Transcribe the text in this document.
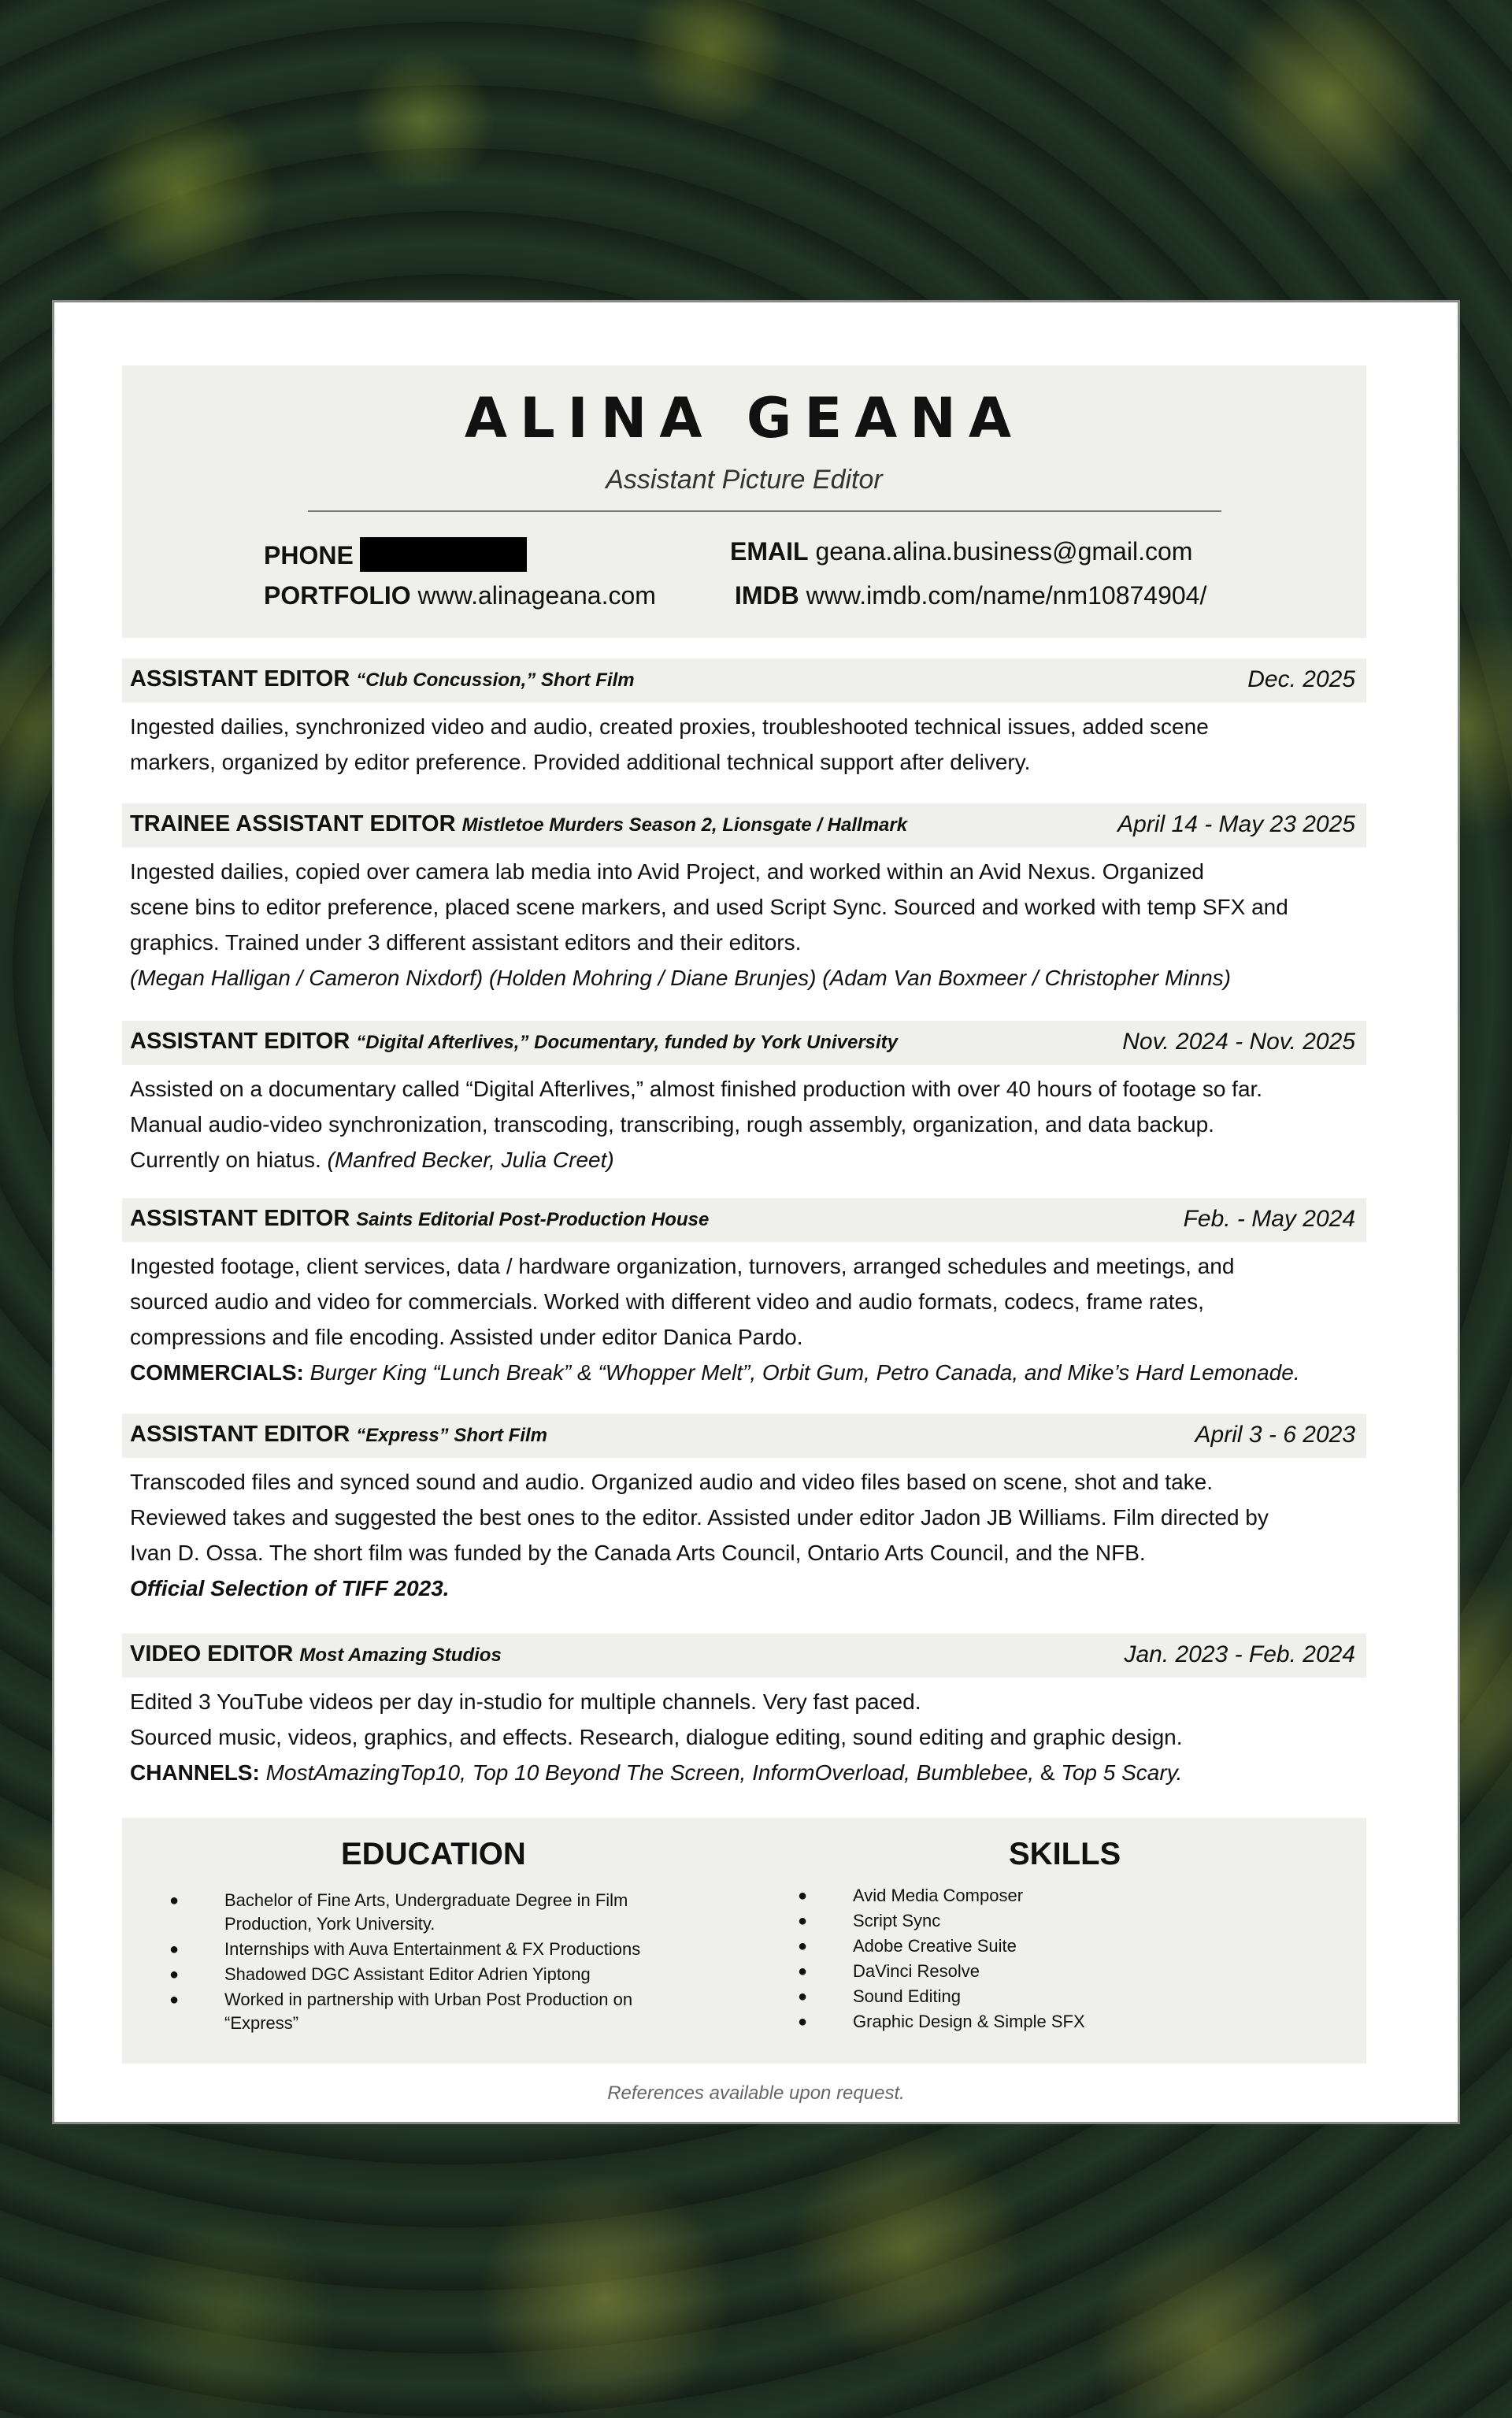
ALINA GEANA
Assistant Picture Editor
PHONE	EMAIL geana.alina.business@gmail.com
PORTFOLIO www.alinageana.com	IMDB www.imdb.com/name/nm10874904/
ASSISTANT EDITOR “Club Concussion,” Short Film	Dec. 2025

Ingested dailies, synchronized video and audio, created proxies, troubleshooted technical issues, added scene

markers, organized by editor preference. Provided additional technical support after delivery.

TRAINEE ASSISTANT EDITOR Mistletoe Murders Season 2, Lionsgate / Hallmark	April 14 - May 23 2025

Ingested dailies, copied over camera lab media into Avid Project, and worked within an Avid Nexus. Organized

scene bins to editor preference, placed scene markers, and used Script Sync. Sourced and worked with temp SFX and

graphics. Trained under 3 different assistant editors and their editors.

(Megan Halligan / Cameron Nixdorf) (Holden Mohring / Diane Brunjes) (Adam Van Boxmeer / Christopher Minns)

ASSISTANT EDITOR “Digital Afterlives,” Documentary, funded by York University	Nov. 2024 - Nov. 2025

Assisted on a documentary called “Digital Afterlives,” almost finished production with over 40 hours of footage so far.

Manual audio-video synchronization, transcoding, transcribing, rough assembly, organization, and data backup.

Currently on hiatus. (Manfred Becker, Julia Creet)

ASSISTANT EDITOR Saints Editorial Post-Production House	Feb. - May 2024

Ingested footage, client services, data / hardware organization, turnovers, arranged schedules and meetings, and

sourced audio and video for commercials. Worked with different video and audio formats, codecs, frame rates,

compressions and file encoding. Assisted under editor Danica Pardo.

COMMERCIALS: Burger King “Lunch Break” & “Whopper Melt”, Orbit Gum, Petro Canada, and Mike’s Hard Lemonade.

ASSISTANT EDITOR “Express” Short Film	April 3 - 6 2023

Transcoded files and synced sound and audio. Organized audio and video files based on scene, shot and take.

Reviewed takes and suggested the best ones to the editor. Assisted under editor Jadon JB Williams. Film directed by

Ivan D. Ossa. The short film was funded by the Canada Arts Council, Ontario Arts Council, and the NFB.

Official Selection of TIFF 2023.

VIDEO EDITOR Most Amazing Studios	Jan. 2023 - Feb. 2024

Edited 3 YouTube videos per day in-studio for multiple channels. Very fast paced.

Sourced music, videos, graphics, and effects. Research, dialogue editing, sound editing and graphic design.

CHANNELS: MostAmazingTop10, Top 10 Beyond The Screen, InformOverload, Bumblebee, & Top 5 Scary.

EDUCATION
●	Bachelor of Fine Arts, Undergraduate Degree in Film
Production, York University.
●	Internships with Auva Entertainment & FX Productions
●	Shadowed DGC Assistant Editor Adrien Yiptong
●	Worked in partnership with Urban Post Production on
“Express”
SKILLS
●	Avid Media Composer
●	Script Sync
●	Adobe Creative Suite
●	DaVinci Resolve
●	Sound Editing
●	Graphic Design & Simple SFX
References available upon request.
